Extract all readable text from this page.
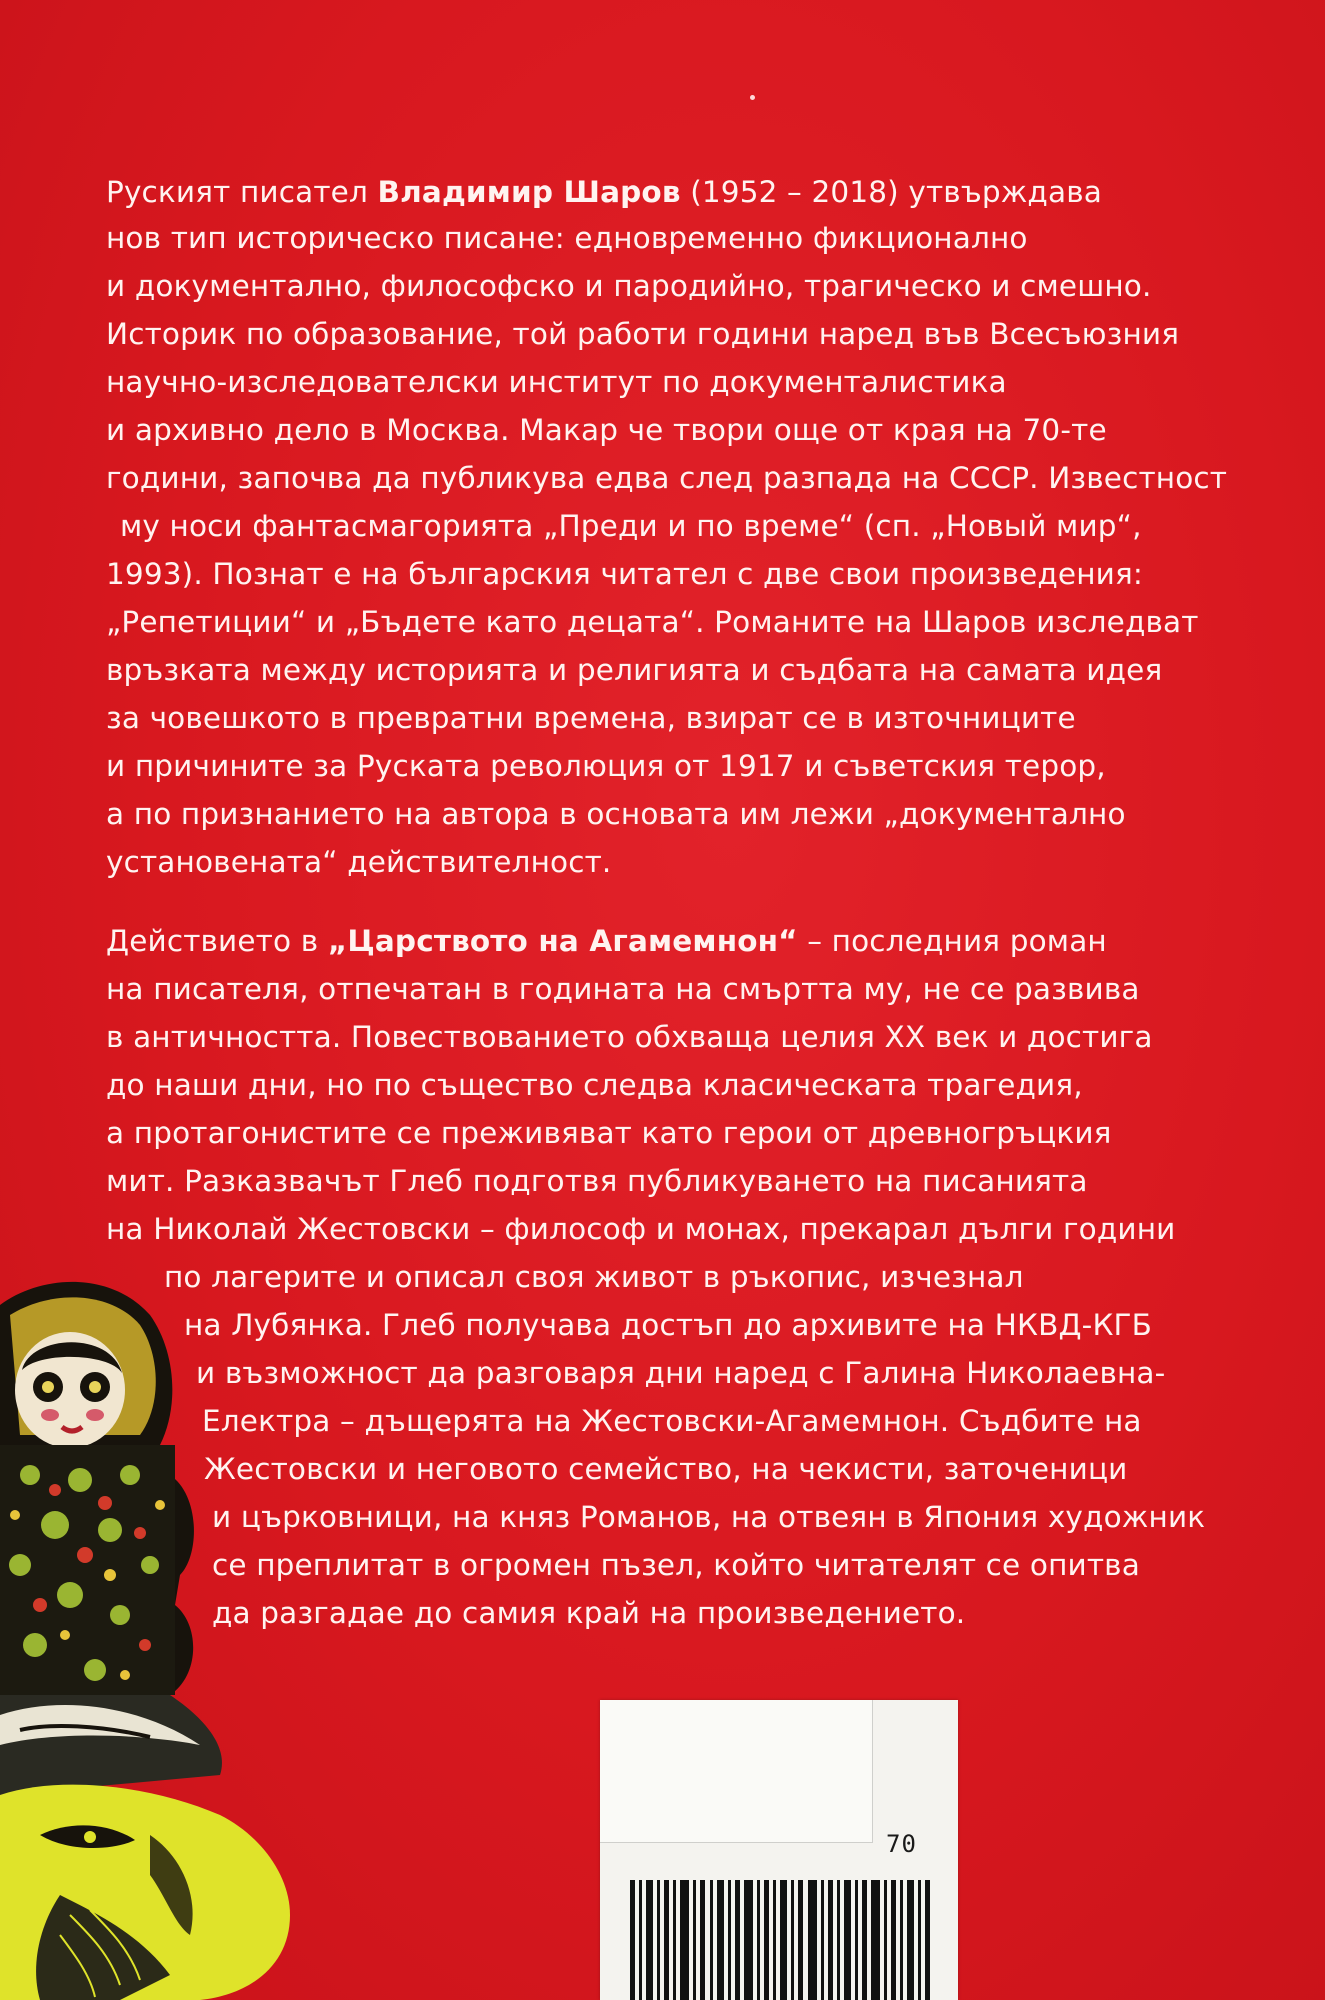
Руският писател Владимир Шаров (1952 – 2018) утвърждава
нов тип историческо писане: едновременно фикционално
и документално, философско и пародийно, трагическо и смешно.
Историк по образование, той работи години наред във Всесъюзния
научно-изследователски институт по документалистика
и архивно дело в Москва. Макар че твори още от края на 70-те
години, започва да публикува едва след разпада на СССР. Известност
му носи фантасмагорията „Преди и по време“ (сп. „Новый мир“,
1993). Познат е на българския читател с две свои произведения:
„Репетиции“ и „Бъдете като децата“. Романите на Шаров изследват
връзката между историята и религията и съдбата на самата идея
за човешкото в превратни времена, взират се в източниците
и причините за Руската революция от 1917 и съветския терор,
а по признанието на автора в основата им лежи „документално
установената“ действителност.
Действието в „Царството на Агамемнон“ – последния роман
на писателя, отпечатан в годината на смъртта му, не се развива
в античността. Повествованието обхваща целия XX век и достига
до наши дни, но по същество следва класическата трагедия,
а протагонистите се преживяват като герои от древногръцкия
мит. Разказвачът Глеб подготвя публикуването на писанията
на Николай Жестовски – философ и монах, прекарал дълги години
по лагерите и описал своя живот в ръкопис, изчезнал
на Лубянка. Глеб получава достъп до архивите на НКВД-КГБ
и възможност да разговаря дни наред с Галина Николаевна-
Електра – дъщерята на Жестовски-Агамемнон. Съдбите на
Жестовски и неговото семейство, на чекисти, заточеници
и църковници, на княз Романов, на отвеян в Япония художник
се преплитат в огромен пъзел, който читателят се опитва
да разгадае до самия край на произведението.
70
